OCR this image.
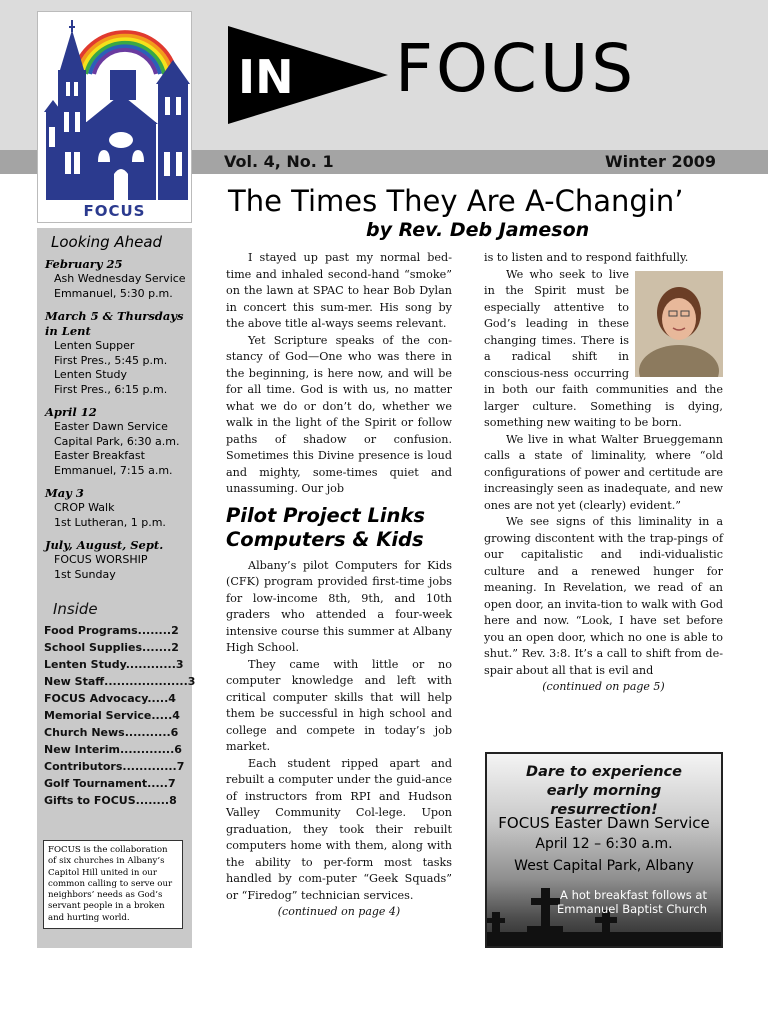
FOCUS
IN FOCUS
Vol. 4, No. 1	Winter 2009
The Times They Are A-Changin’
by Rev. Deb Jameson
Looking Ahead
February 25
Ash Wednesday Service
Emmanuel, 5:30 p.m.
March 5 & Thursdays in Lent
Lenten Supper
First Pres., 5:45 p.m.
Lenten Study
First Pres., 6:15 p.m.
April 12
Easter Dawn Service
Capital Park, 6:30 a.m.
Easter Breakfast
Emmanuel, 7:15 a.m.
May 3
CROP Walk
1st Lutheran, 1 p.m.
July, August, Sept.
FOCUS WORSHIP
1st Sunday
Inside
Food Programs........2
School Supplies.......2
Lenten Study............3
New Staff....................3
FOCUS Advocacy.....4
Memorial Service.....4
Church News...........6
New Interim.............6
Contributors.............7
Golf Tournament.....7
Gifts to FOCUS........8
FOCUS is the collaboration of six churches in Albany’s Capitol Hill united in our common calling to serve our neighbors’ needs as God’s servant people in a broken and hurting world.

I stayed up past my normal bed-time and inhaled second-hand “smoke” on the lawn at SPAC to hear Bob Dylan in concert this sum-mer. His song by the above title al-ways seems relevant.

Yet Scripture speaks of the con-stancy of God—One who was there in the beginning, is here now, and will be for all time. God is with us, no matter what we do or don’t do, whether we walk in the light of the Spirit or follow paths of shadow or confusion. Sometimes this Divine presence is loud and mighty, some-times quiet and unassuming. Our job

Pilot Project Links Computers & Kids

Albany’s pilot Computers for Kids (CFK) program provided first-time jobs for low-income 8th, 9th, and 10th graders who attended a four-week intensive course this summer at Albany High School.

They came with little or no computer knowledge and left with critical computer skills that will help them be successful in high school and college and compete in today’s job market.

Each student ripped apart and rebuilt a computer under the guid-ance of instructors from RPI and Hudson Valley Community Col-lege. Upon graduation, they took their rebuilt computers home with them, along with the ability to per-form most tasks handled by com-puter “Geek Squads” or “Firedog” technician services.

(continued on page 4)

is to listen and to respond faithfully.

We who seek to live in the Spirit must be especially attentive to God’s leading in these changing times. There is a radical shift in conscious-ness occurring in both our faith communities and the larger culture. Something is dying, something new waiting to be born.

We live in what Walter Brueggemann calls a state of liminality, where “old configurations of power and certitude are increasingly seen as inadequate, and new ones are not yet (clearly) evident.”

We see signs of this liminality in a growing discontent with the trap-pings of our capitalistic and indi-vidualistic culture and a renewed hunger for meaning. In Revelation, we read of an open door, an invita-tion to walk with God here and now. “Look, I have set before you an open door, which no one is able to shut.” Rev. 3:8. It’s a call to shift from de-spair about all that is evil and

(continued on page 5)

Dare to experience early morning resurrection!
FOCUS Easter Dawn Service
April 12 – 6:30 a.m.
West Capital Park, Albany
A hot breakfast follows at Emmanuel Baptist Church
